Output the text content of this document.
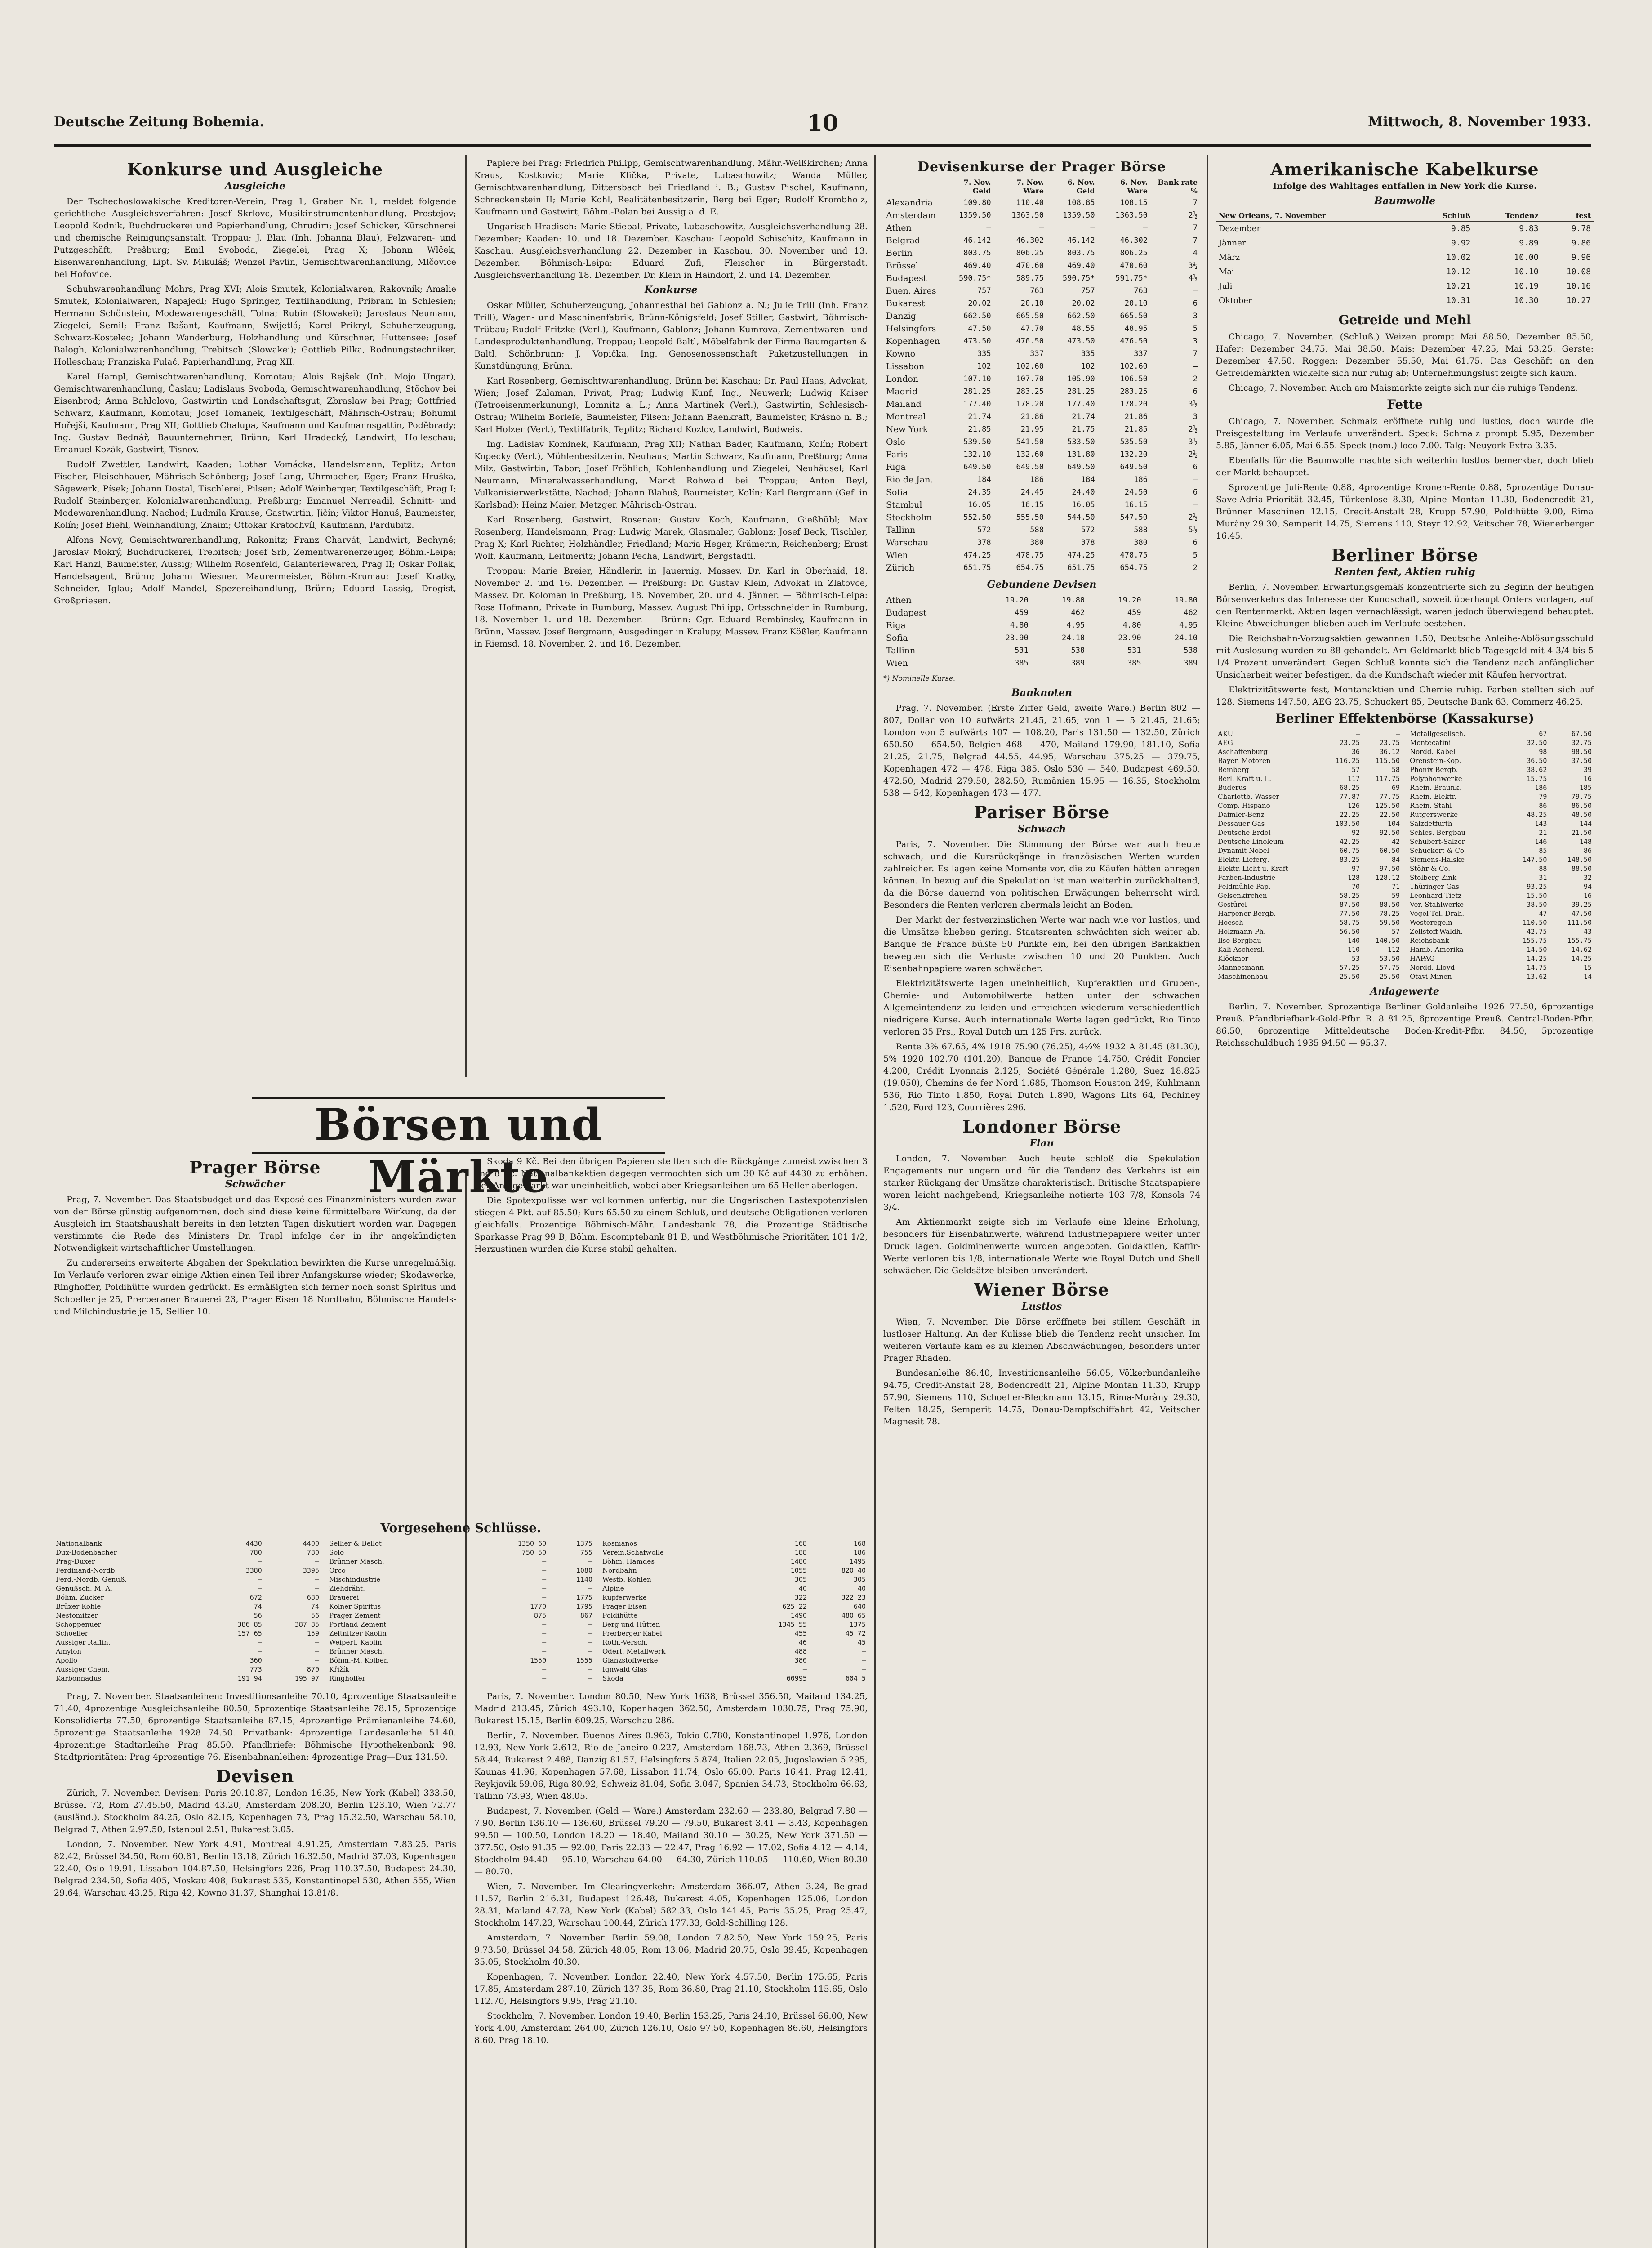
Deutsche Zeitung Bohemia.	10	Mittwoch, 8. November 1933.
Konkurse und Ausgleiche
Ausgleiche

Der Tschechoslowakische Kreditoren-Verein, Prag 1, Graben Nr. 1, meldet folgende gerichtliche Ausgleichsverfahren: Josef Skrlovc, Musikinstrumentenhandlung, Prostejov; Leopold Kodnik, Buchdruckerei und Papierhandlung, Chrudim; Josef Schicker, Kürschnerei und chemische Reinigungsanstalt, Troppau; J. Blau (Inh. Johanna Blau), Pelzwaren- und Putzgeschäft, Prešburg; Emil Svoboda, Ziegelei, Prag X; Johann Wlček, Eisenwarenhandlung, Lipt. Sv. Mikuláš; Wenzel Pavlin, Gemischtwarenhandlung, Mlčovice bei Hořovice.

Schuhwarenhandlung Mohrs, Prag XVI; Alois Smutek, Kolonialwaren, Rakovník; Amalie Smutek, Kolonialwaren, Napajedl; Hugo Springer, Textilhandlung, Pribram in Schlesien; Hermann Schönstein, Modewarengeschäft, Tolna; Rubin (Slowakei); Jaroslaus Neumann, Ziegelei, Semil; Franz Bašant, Kaufmann, Swijetlá; Karel Prikryl, Schuherzeugung, Schwarz-Kostelec; Johann Wanderburg, Holzhandlung und Kürschner, Huttensee; Josef Balogh, Kolonialwarenhandlung, Trebitsch (Slowakei); Gottlieb Pilka, Rodnungstechniker, Holleschau; Franziska Fulač, Papierhandlung, Prag XII.

Karel Hampl, Gemischtwarenhandlung, Komotau; Alois Rejšek (Inh. Mojo Ungar), Gemischtwarenhandlung, Časlau; Ladislaus Svoboda, Gemischtwarenhandlung, Stöchov bei Eisenbrod; Anna Bahlolova, Gastwirtin und Landschaftsgut, Zbraslaw bei Prag; Gottfried Schwarz, Kaufmann, Komotau; Josef Tomanek, Textilgeschäft, Mährisch-Ostrau; Bohumil Hořejší, Kaufmann, Prag XII; Gottlieb Chalupa, Kaufmann und Kaufmannsgattin, Poděbrady; Ing. Gustav Bednář, Bauunternehmer, Brünn; Karl Hradecký, Landwirt, Holleschau; Emanuel Kozák, Gastwirt, Tisnov.

Rudolf Zwettler, Landwirt, Kaaden; Lothar Vomácka, Handelsmann, Teplitz; Anton Fischer, Fleischhauer, Mährisch-Schönberg; Josef Lang, Uhrmacher, Eger; Franz Hruška, Sägewerk, Písek; Johann Dostal, Tischlerei, Pilsen; Adolf Weinberger, Textilgeschäft, Prag I; Rudolf Steinberger, Kolonialwarenhandlung, Preßburg; Emanuel Nerreadil, Schnitt- und Modewarenhandlung, Nachod; Ludmila Krause, Gastwirtin, Jičín; Viktor Hanuš, Baumeister, Kolín; Josef Biehl, Weinhandlung, Znaim; Ottokar Kratochvíl, Kaufmann, Pardubitz.

Alfons Nový, Gemischtwarenhandlung, Rakonitz; Franz Charvát, Landwirt, Bechyně; Jaroslav Mokrý, Buchdruckerei, Trebitsch; Josef Srb, Zementwarenerzeuger, Böhm.-Leipa; Karl Hanzl, Baumeister, Aussig; Wilhelm Rosenfeld, Galanteriewaren, Prag II; Oskar Pollak, Handelsagent, Brünn; Johann Wiesner, Maurermeister, Böhm.-Krumau; Josef Kratky, Schneider, Iglau; Adolf Mandel, Spezereihandlung, Brünn; Eduard Lassig, Drogist, Großpriesen.

Papiere bei Prag: Friedrich Philipp, Gemischtwarenhandlung, Mähr.-Weißkirchen; Anna Kraus, Kostkovic; Marie Klička, Private, Lubaschowitz; Wanda Müller, Gemischtwarenhandlung, Dittersbach bei Friedland i. B.; Gustav Pischel, Kaufmann, Schreckenstein II; Marie Kohl, Realitätenbesitzerin, Berg bei Eger; Rudolf Krombholz, Kaufmann und Gastwirt, Böhm.-Bolan bei Aussig a. d. E.

Ungarisch-Hradisch: Marie Stiebal, Private, Lubaschowitz, Ausgleichsverhandlung 28. Dezember; Kaaden: 10. und 18. Dezember. Kaschau: Leopold Schischitz, Kaufmann in Kaschau. Ausgleichsverhandlung 22. Dezember in Kaschau, 30. November und 13. Dezember. Böhmisch-Leipa: Eduard Zufi, Fleischer in Bürgerstadt. Ausgleichsverhandlung 18. Dezember. Dr. Klein in Haindorf, 2. und 14. Dezember.

Konkurse

Oskar Müller, Schuherzeugung, Johannesthal bei Gablonz a. N.; Julie Trill (Inh. Franz Trill), Wagen- und Maschinenfabrik, Brünn-Königsfeld; Josef Stiller, Gastwirt, Böhmisch-Trübau; Rudolf Fritzke (Verl.), Kaufmann, Gablonz; Johann Kumrova, Zementwaren- und Landesproduktenhandlung, Troppau; Leopold Baltl, Möbelfabrik der Firma Baumgarten & Baltl, Schönbrunn; J. Vopička, Ing. Genosenossenschaft Paketzustellungen in Kunstdüngung, Brünn.

Karl Rosenberg, Gemischtwarenhandlung, Brünn bei Kaschau; Dr. Paul Haas, Advokat, Wien; Josef Zalaman, Privat, Prag; Ludwig Kunf, Ing., Neuwerk; Ludwig Kaiser (Tetroeisenmerkunung), Lomnitz a. L.; Anna Martinek (Verl.), Gastwirtin, Schlesisch-Ostrau; Wilhelm Borleſe, Baumeister, Pilsen; Johann Baenkraft, Baumeister, Krásno n. B.; Karl Holzer (Verl.), Textilfabrik, Teplitz; Richard Kozlov, Landwirt, Budweis.

Ing. Ladislav Kominek, Kaufmann, Prag XII; Nathan Bader, Kaufmann, Kolín; Robert Kopecky (Verl.), Mühlenbesitzerin, Neuhaus; Martin Schwarz, Kaufmann, Preßburg; Anna Milz, Gastwirtin, Tabor; Josef Fröhlich, Kohlenhandlung und Ziegelei, Neuhäusel; Karl Neumann, Mineralwasserhandlung, Markt Rohwald bei Troppau; Anton Beyl, Vulkanisierwerkstätte, Nachod; Johann Blahuš, Baumeister, Kolín; Karl Bergmann (Gef. in Karlsbad); Heinz Maier, Metzger, Mährisch-Ostrau.

Karl Rosenberg, Gastwirt, Rosenau; Gustav Koch, Kaufmann, Gießhübl; Max Rosenberg, Handelsmann, Prag; Ludwig Marek, Glasmaler, Gablonz; Josef Beck, Tischler, Prag X; Karl Richter, Holzhändler, Friedland; Maria Heger, Krämerin, Reichenberg; Ernst Wolf, Kaufmann, Leitmeritz; Johann Pecha, Landwirt, Bergstadtl.

Troppau: Marie Breier, Händlerin in Jauernig. Massev. Dr. Karl in Oberhaid, 18. November 2. und 16. Dezember. — Preßburg: Dr. Gustav Klein, Advokat in Zlatovce, Massev. Dr. Koloman in Preßburg, 18. November, 20. und 4. Jänner. — Böhmisch-Leipa: Rosa Hofmann, Private in Rumburg, Massev. August Philipp, Ortsschneider in Rumburg, 18. November 1. und 18. Dezember. — Brünn: Cgr. Eduard Rembinsky, Kaufmann in Brünn, Massev. Josef Bergmann, Ausgedinger in Kralupy, Massev. Franz Kößler, Kaufmann in Riemsd. 18. November, 2. und 16. Dezember.

Börsen und Märkte
Prager Börse
Schwächer

Prag, 7. November. Das Staatsbudget und das Exposé des Finanzministers wurden zwar von der Börse günstig aufgenommen, doch sind diese keine fürmittelbare Wirkung, da der Ausgleich im Staatshaushalt bereits in den letzten Tagen diskutiert worden war. Dagegen verstimmte die Rede des Ministers Dr. Trapl infolge der in ihr angekündigten Notwendigkeit wirtschaftlicher Umstellungen.

Zu andererseits erweiterte Abgaben der Spekulation bewirkten die Kurse unregelmäßig. Im Verlaufe verloren zwar einige Aktien einen Teil ihrer Anfangskurse wieder; Skodawerke, Ringhoffer, Poldihütte wurden gedrückt. Es ermäßigten sich ferner noch sonst Spiritus und Schoeller je 25, Prerberaner Brauerei 23, Prager Eisen 18 Nordbahn, Böhmische Handels- und Milchindustrie je 15, Sellier 10.

Skoda 9 Kč. Bei den übrigen Papieren stellten sich die Rückgänge zumeist zwischen 3 und 8 Kč. Nationalbankaktien dagegen vermochten sich um 30 Kč auf 4430 zu erhöhen. Der Anlagemarkt war uneinheitlich, wobei aber Kriegsanleihen um 65 Heller aberlogen.

Die Spotexpulisse war vollkommen unfertig, nur die Ungarischen Lastexpotenzialen stiegen 4 Pkt. auf 85.50; Kurs 65.50 zu einem Schluß, und deutsche Obligationen verloren gleichfalls. Prozentige Böhmisch-Mähr. Landesbank 78, die Prozentige Städtische Sparkasse Prag 99 B, Böhm. Escomptebank 81 B, und Westböhmische Prioritäten 101 1/2, Herzustinen wurden die Kurse stabil gehalten.

Vorgesehene Schlüsse.
Nationalbank	4430	4400
Dux-Bodenbacher	780	780
Prag-Duxer	—	—
Ferdinand-Nordb.	3380	3395
Ferd.-Nordb. Genuß.	—	—
Genußsch. M. A.	—	—
Böhm. Zucker	672	680
Brüxer Kohle	74	74
Nestomitzer	56	56
Schoppenuer	386 85	387 85
Schoeller	157 65	159
Aussiger Raffin.	—	—
Amylon	—	—
Apollo	360	—
Aussiger Chem.	773	870
Karbonnadus	191 94	195 97
Sellier & Bellot	1350 60	1375
Solo	750 50	755
Brünner Masch.	—	—
Orco	—	1080
Mischindustrie	—	1140
Ziehdräht.	—	—
Brauerei	—	1775
Kolner Spiritus	1770	1795
Prager Zement	875	867
Portland Zement	—	—
Zeltnitzer Kaolin	—	—
Weipert. Kaolin	—	—
Brünner Masch.	—	—
Böhm.-M. Kolben	1550	1555
Křižík	—	—
Ringhoffer	—	—
Kosmanos	168	168
Verein.Schafwolle	188	186
Böhm. Hamdes	1480	1495
Nordbahn	1055	820 40
Westb. Kohlen	305	305
Alpine	40	40
Kupferwerke	322	322 23
Prager Eisen	625 22	640
Poldihütte	1490	480 65
Berg und Hütten	1345 55	1375
Prerberger Kabel	455	45 72
Roth.-Versch.	46	45
Odert. Metallwerk	488	—
Glanzstoffwerke	380	—
Ignwald Glas	—	—
Skoda	60995	604 5

Prag, 7. November. Staatsanleihen: Investitionsanleihe 70.10, 4prozentige Staatsanleihe 71.40, 4prozentige Ausgleichsanleihe 80.50, 5prozentige Staatsanleihe 78.15, 5prozentige Konsolidierte 77.50, 6prozentige Staatsanleihe 87.15, 4prozentige Prämienanleihe 74.60, 5prozentige Staatsanleihe 1928 74.50. Privatbank: 4prozentige Landesanleihe 51.40. 4prozentige Stadtanleihe Prag 85.50. Pfandbriefe: Böhmische Hypothekenbank 98. Stadtprioritäten: Prag 4prozentige 76. Eisenbahnanleihen: 4prozentige Prag—Dux 131.50.

Devisen

Zürich, 7. November. Devisen: Paris 20.10.87, London 16.35, New York (Kabel) 333.50, Brüssel 72, Rom 27.45.50, Madrid 43.20, Amsterdam 208.20, Berlin 123.10, Wien 72.77 (ausländ.), Stockholm 84.25, Oslo 82.15, Kopenhagen 73, Prag 15.32.50, Warschau 58.10, Belgrad 7, Athen 2.97.50, Istanbul 2.51, Bukarest 3.05.

London, 7. November. New York 4.91, Montreal 4.91.25, Amsterdam 7.83.25, Paris 82.42, Brüssel 34.50, Rom 60.81, Berlin 13.18, Zürich 16.32.50, Madrid 37.03, Kopenhagen 22.40, Oslo 19.91, Lissabon 104.87.50, Helsingfors 226, Prag 110.37.50, Budapest 24.30, Belgrad 234.50, Sofia 405, Moskau 408, Bukarest 535, Konstantinopel 530, Athen 555, Wien 29.64, Warschau 43.25, Riga 42, Kowno 31.37, Shanghai 13.81/8.

Paris, 7. November. London 80.50, New York 1638, Brüssel 356.50, Mailand 134.25, Madrid 213.45, Zürich 493.10, Kopenhagen 362.50, Amsterdam 1030.75, Prag 75.90, Bukarest 15.15, Berlin 609.25, Warschau 286.

Berlin, 7. November. Buenos Aires 0.963, Tokio 0.780, Konstantinopel 1.976, London 12.93, New York 2.612, Rio de Janeiro 0.227, Amsterdam 168.73, Athen 2.369, Brüssel 58.44, Bukarest 2.488, Danzig 81.57, Helsingfors 5.874, Italien 22.05, Jugoslawien 5.295, Kaunas 41.96, Kopenhagen 57.68, Lissabon 11.74, Oslo 65.00, Paris 16.41, Prag 12.41, Reykjavik 59.06, Riga 80.92, Schweiz 81.04, Sofia 3.047, Spanien 34.73, Stockholm 66.63, Tallinn 73.93, Wien 48.05.

Budapest, 7. November. (Geld — Ware.) Amsterdam 232.60 — 233.80, Belgrad 7.80 — 7.90, Berlin 136.10 — 136.60, Brüssel 79.20 — 79.50, Bukarest 3.41 — 3.43, Kopenhagen 99.50 — 100.50, London 18.20 — 18.40, Mailand 30.10 — 30.25, New York 371.50 — 377.50, Oslo 91.35 — 92.00, Paris 22.33 — 22.47, Prag 16.92 — 17.02, Sofia 4.12 — 4.14, Stockholm 94.40 — 95.10, Warschau 64.00 — 64.30, Zürich 110.05 — 110.60, Wien 80.30 — 80.70.

Wien, 7. November. Im Clearingverkehr: Amsterdam 366.07, Athen 3.24, Belgrad 11.57, Berlin 216.31, Budapest 126.48, Bukarest 4.05, Kopenhagen 125.06, London 28.31, Mailand 47.78, New York (Kabel) 582.33, Oslo 141.45, Paris 35.25, Prag 25.47, Stockholm 147.23, Warschau 100.44, Zürich 177.33, Gold-Schilling 128.

Amsterdam, 7. November. Berlin 59.08, London 7.82.50, New York 159.25, Paris 9.73.50, Brüssel 34.58, Zürich 48.05, Rom 13.06, Madrid 20.75, Oslo 39.45, Kopenhagen 35.05, Stockholm 40.30.

Kopenhagen, 7. November. London 22.40, New York 4.57.50, Berlin 175.65, Paris 17.85, Amsterdam 287.10, Zürich 137.35, Rom 36.80, Prag 21.10, Stockholm 115.65, Oslo 112.70, Helsingfors 9.95, Prag 21.10.

Stockholm, 7. November. London 19.40, Berlin 153.25, Paris 24.10, Brüssel 66.00, New York 4.00, Amsterdam 264.00, Zürich 126.10, Oslo 97.50, Kopenhagen 86.60, Helsingfors 8.60, Prag 18.10.

Devisenkurse der Prager Börse
	7. Nov. Geld	7. Nov. Ware	6. Nov. Geld	6. Nov. Ware	Bank rate %
Alexandria	109.80	110.40	108.85	108.15	7
Amsterdam	1359.50	1363.50	1359.50	1363.50	2½
Athen	—	—	—	—	7
Belgrad	46.142	46.302	46.142	46.302	7
Berlin	803.75	806.25	803.75	806.25	4
Brüssel	469.40	470.60	469.40	470.60	3½
Budapest	590.75*	589.75	590.75*	591.75*	4½
Buen. Aires	757	763	757	763	—
Bukarest	20.02	20.10	20.02	20.10	6
Danzig	662.50	665.50	662.50	665.50	3
Helsingfors	47.50	47.70	48.55	48.95	5
Kopenhagen	473.50	476.50	473.50	476.50	3
Kowno	335	337	335	337	7
Lissabon	102	102.60	102	102.60	—
London	107.10	107.70	105.90	106.50	2
Madrid	281.25	283.25	281.25	283.25	6
Mailand	177.40	178.20	177.40	178.20	3½
Montreal	21.74	21.86	21.74	21.86	3
New York	21.85	21.95	21.75	21.85	2½
Oslo	539.50	541.50	533.50	535.50	3½
Paris	132.10	132.60	131.80	132.20	2½
Riga	649.50	649.50	649.50	649.50	6
Rio de Jan.	184	186	184	186	—
Sofia	24.35	24.45	24.40	24.50	6
Stambul	16.05	16.15	16.05	16.15	—
Stockholm	552.50	555.50	544.50	547.50	2½
Tallinn	572	588	572	588	5½
Warschau	378	380	378	380	6
Wien	474.25	478.75	474.25	478.75	5
Zürich	651.75	654.75	651.75	654.75	2
Gebundene Devisen
Athen	19.20	19.80	19.20	19.80
Budapest	459	462	459	462
Riga	4.80	4.95	4.80	4.95
Sofia	23.90	24.10	23.90	24.10
Tallinn	531	538	531	538
Wien	385	389	385	389
*) Nominelle Kurse.
Banknoten

Prag, 7. November. (Erste Ziffer Geld, zweite Ware.) Berlin 802 — 807, Dollar von 10 aufwärts 21.45, 21.65; von 1 — 5 21.45, 21.65; London von 5 aufwärts 107 — 108.20, Paris 131.50 — 132.50, Zürich 650.50 — 654.50, Belgien 468 — 470, Mailand 179.90, 181.10, Sofia 21.25, 21.75, Belgrad 44.55, 44.95, Warschau 375.25 — 379.75, Kopenhagen 472 — 478, Riga 385, Oslo 530 — 540, Budapest 469.50, 472.50, Madrid 279.50, 282.50, Rumänien 15.95 — 16.35, Stockholm 538 — 542, Kopenhagen 473 — 477.

Pariser Börse
Schwach

Paris, 7. November. Die Stimmung der Börse war auch heute schwach, und die Kursrückgänge in französischen Werten wurden zahlreicher. Es lagen keine Momente vor, die zu Käufen hätten anregen können. In bezug auf die Spekulation ist man weiterhin zurückhaltend, da die Börse dauernd von politischen Erwägungen beherrscht wird. Besonders die Renten verloren abermals leicht an Boden.

Der Markt der festverzinslichen Werte war nach wie vor lustlos, und die Umsätze blieben gering. Staatsrenten schwächten sich weiter ab. Banque de France büßte 50 Punkte ein, bei den übrigen Bankaktien bewegten sich die Verluste zwischen 10 und 20 Punkten. Auch Eisenbahnpapiere waren schwächer.

Elektrizitätswerte lagen uneinheitlich, Kupferaktien und Gruben-, Chemie- und Automobilwerte hatten unter der schwachen Allgemeintendenz zu leiden und erreichten wiederum verschiedentlich niedrigere Kurse. Auch internationale Werte lagen gedrückt, Rio Tinto verloren 35 Frs., Royal Dutch um 125 Frs. zurück.

Rente 3% 67.65, 4% 1918 75.90 (76.25), 4½% 1932 A 81.45 (81.30), 5% 1920 102.70 (101.20), Banque de France 14.750, Crédit Foncier 4.200, Crédit Lyonnais 2.125, Société Générale 1.280, Suez 18.825 (19.050), Chemins de fer Nord 1.685, Thomson Houston 249, Kuhlmann 536, Rio Tinto 1.850, Royal Dutch 1.890, Wagons Lits 64, Pechiney 1.520, Ford 123, Courrières 296.

Londoner Börse
Flau

London, 7. November. Auch heute schloß die Spekulation Engagements nur ungern und für die Tendenz des Verkehrs ist ein starker Rückgang der Umsätze charakteristisch. Britische Staatspapiere waren leicht nachgebend, Kriegsanleihe notierte 103 7/8, Konsols 74 3/4.

Am Aktienmarkt zeigte sich im Verlaufe eine kleine Erholung, besonders für Eisenbahnwerte, während Industriepapiere weiter unter Druck lagen. Goldminenwerte wurden angeboten. Goldaktien, Kaffir-Werte verloren bis 1/8, internationale Werte wie Royal Dutch und Shell schwächer. Die Geldsätze bleiben unverändert.

Wiener Börse
Lustlos

Wien, 7. November. Die Börse eröffnete bei stillem Geschäft in lustloser Haltung. An der Kulisse blieb die Tendenz recht unsicher. Im weiteren Verlaufe kam es zu kleinen Abschwächungen, besonders unter Prager Rhaden.

Bundesanleihe 86.40, Investitionsanleihe 56.05, Völkerbundanleihe 94.75, Credit-Anstalt 28, Bodencredit 21, Alpine Montan 11.30, Krupp 57.90, Siemens 110, Schoeller-Bleckmann 13.15, Rima-Muràny 29.30, Felten 18.25, Semperit 14.75, Donau-Dampfschiffahrt 42, Veitscher Magnesit 78.

Amerikanische Kabelkurse

Infolge des Wahltages entfallen in New York die Kurse.

Baumwolle
New Orleans, 7. November	Schluß	Tendenz	fest
Dezember	9.85	9.83	9.78
Jänner	9.92	9.89	9.86
März	10.02	10.00	9.96
Mai	10.12	10.10	10.08
Juli	10.21	10.19	10.16
Oktober	10.31	10.30	10.27
Getreide und Mehl

Chicago, 7. November. (Schluß.) Weizen prompt Mai 88.50, Dezember 85.50, Hafer: Dezember 34.75, Mai 38.50. Mais: Dezember 47.25, Mai 53.25. Gerste: Dezember 47.50. Roggen: Dezember 55.50, Mai 61.75. Das Geschäft an den Getreidemärkten wickelte sich nur ruhig ab; Unternehmungslust zeigte sich kaum.

Chicago, 7. November. Auch am Maismarkte zeigte sich nur die ruhige Tendenz.

Fette

Chicago, 7. November. Schmalz eröffnete ruhig und lustlos, doch wurde die Preisgestaltung im Verlaufe unverändert. Speck: Schmalz prompt 5.95, Dezember 5.85, Jänner 6.05, Mai 6.55. Speck (nom.) loco 7.00. Talg: Neuyork-Extra 3.35.

Ebenfalls für die Baumwolle machte sich weiterhin lustlos bemerkbar, doch blieb der Markt behauptet.

Sprozentige Juli-Rente 0.88, 4prozentige Kronen-Rente 0.88, 5prozentige Donau-Save-Adria-Priorität 32.45, Türkenlose 8.30, Alpine Montan 11.30, Bodencredit 21, Brünner Maschinen 12.15, Credit-Anstalt 28, Krupp 57.90, Poldihütte 9.00, Rima Muràny 29.30, Semperit 14.75, Siemens 110, Steyr 12.92, Veitscher 78, Wienerberger 16.45.

Berliner Börse
Renten fest, Aktien ruhig

Berlin, 7. November. Erwartungsgemäß konzentrierte sich zu Beginn der heutigen Börsenverkehrs das Interesse der Kundschaft, soweit überhaupt Orders vorlagen, auf den Rentenmarkt. Aktien lagen vernachlässigt, waren jedoch überwiegend behauptet. Kleine Abweichungen blieben auch im Verlaufe bestehen.

Die Reichsbahn-Vorzugsaktien gewannen 1.50, Deutsche Anleihe-Ablösungsschuld mit Auslosung wurden zu 88 gehandelt. Am Geldmarkt blieb Tagesgeld mit 4 3/4 bis 5 1/4 Prozent unverändert. Gegen Schluß konnte sich die Tendenz nach anfänglicher Unsicherheit weiter befestigen, da die Kundschaft wieder mit Käufen hervortrat.

Elektrizitätswerte fest, Montanaktien und Chemie ruhig. Farben stellten sich auf 128, Siemens 147.50, AEG 23.75, Schuckert 85, Deutsche Bank 63, Commerz 46.25.

Berliner Effektenbörse (Kassakurse)
AKU	—	—
AEG	23.25	23.75
Aschaffenburg	36	36.12
Bayer. Motoren	116.25	115.50
Bemberg	57	58
Berl. Kraft u. L.	117	117.75
Buderus	68.25	69
Charlottb. Wasser	77.87	77.75
Comp. Hispano	126	125.50
Daimler-Benz	22.25	22.50
Dessauer Gas	103.50	104
Deutsche Erdöl	92	92.50
Deutsche Linoleum	42.25	42
Dynamit Nobel	60.75	60.50
Elektr. Lieferg.	83.25	84
Elektr. Licht u. Kraft	97	97.50
Farben-Industrie	128	128.12
Feldmühle Pap.	70	71
Gelsenkirchen	58.25	59
Gesfürel	87.50	88.50
Harpener Bergb.	77.50	78.25
Hoesch	58.75	59.50
Holzmann Ph.	56.50	57
Ilse Bergbau	140	140.50
Kali Aschersl.	110	112
Klöckner	53	53.50
Mannesmann	57.25	57.75
Maschinenbau	25.50	25.50
Metallgesellsch.	67	67.50
Montecatini	32.50	32.75
Nordd. Kabel	98	98.50
Orenstein-Kop.	36.50	37.50
Phönix Bergb.	38.62	39
Polyphonwerke	15.75	16
Rhein. Braunk.	186	185
Rhein. Elektr.	79	79.75
Rhein. Stahl	86	86.50
Rütgerswerke	48.25	48.50
Salzdetfurth	143	144
Schles. Bergbau	21	21.50
Schubert-Salzer	146	148
Schuckert & Co.	85	86
Siemens-Halske	147.50	148.50
Stöhr & Co.	88	88.50
Stolberg Zink	31	32
Thüringer Gas	93.25	94
Leonhard Tietz	15.50	16
Ver. Stahlwerke	38.50	39.25
Vogel Tel. Drah.	47	47.50
Westeregeln	110.50	111.50
Zellstoff-Waldh.	42.75	43
Reichsbank	155.75	155.75
Hamb.-Amerika	14.50	14.62
HAPAG	14.25	14.25
Nordd. Lloyd	14.75	15
Otavi Minen	13.62	14
Anlagewerte

Berlin, 7. November. Sprozentige Berliner Goldanleihe 1926 77.50, 6prozentige Preuß. Pfandbriefbank-Gold-Pfbr. R. 8 81.25, 6prozentige Preuß. Central-Boden-Pfbr. 86.50, 6prozentige Mitteldeutsche Boden-Kredit-Pfbr. 84.50, 5prozentige Reichsschuldbuch 1935 94.50 — 95.37.
